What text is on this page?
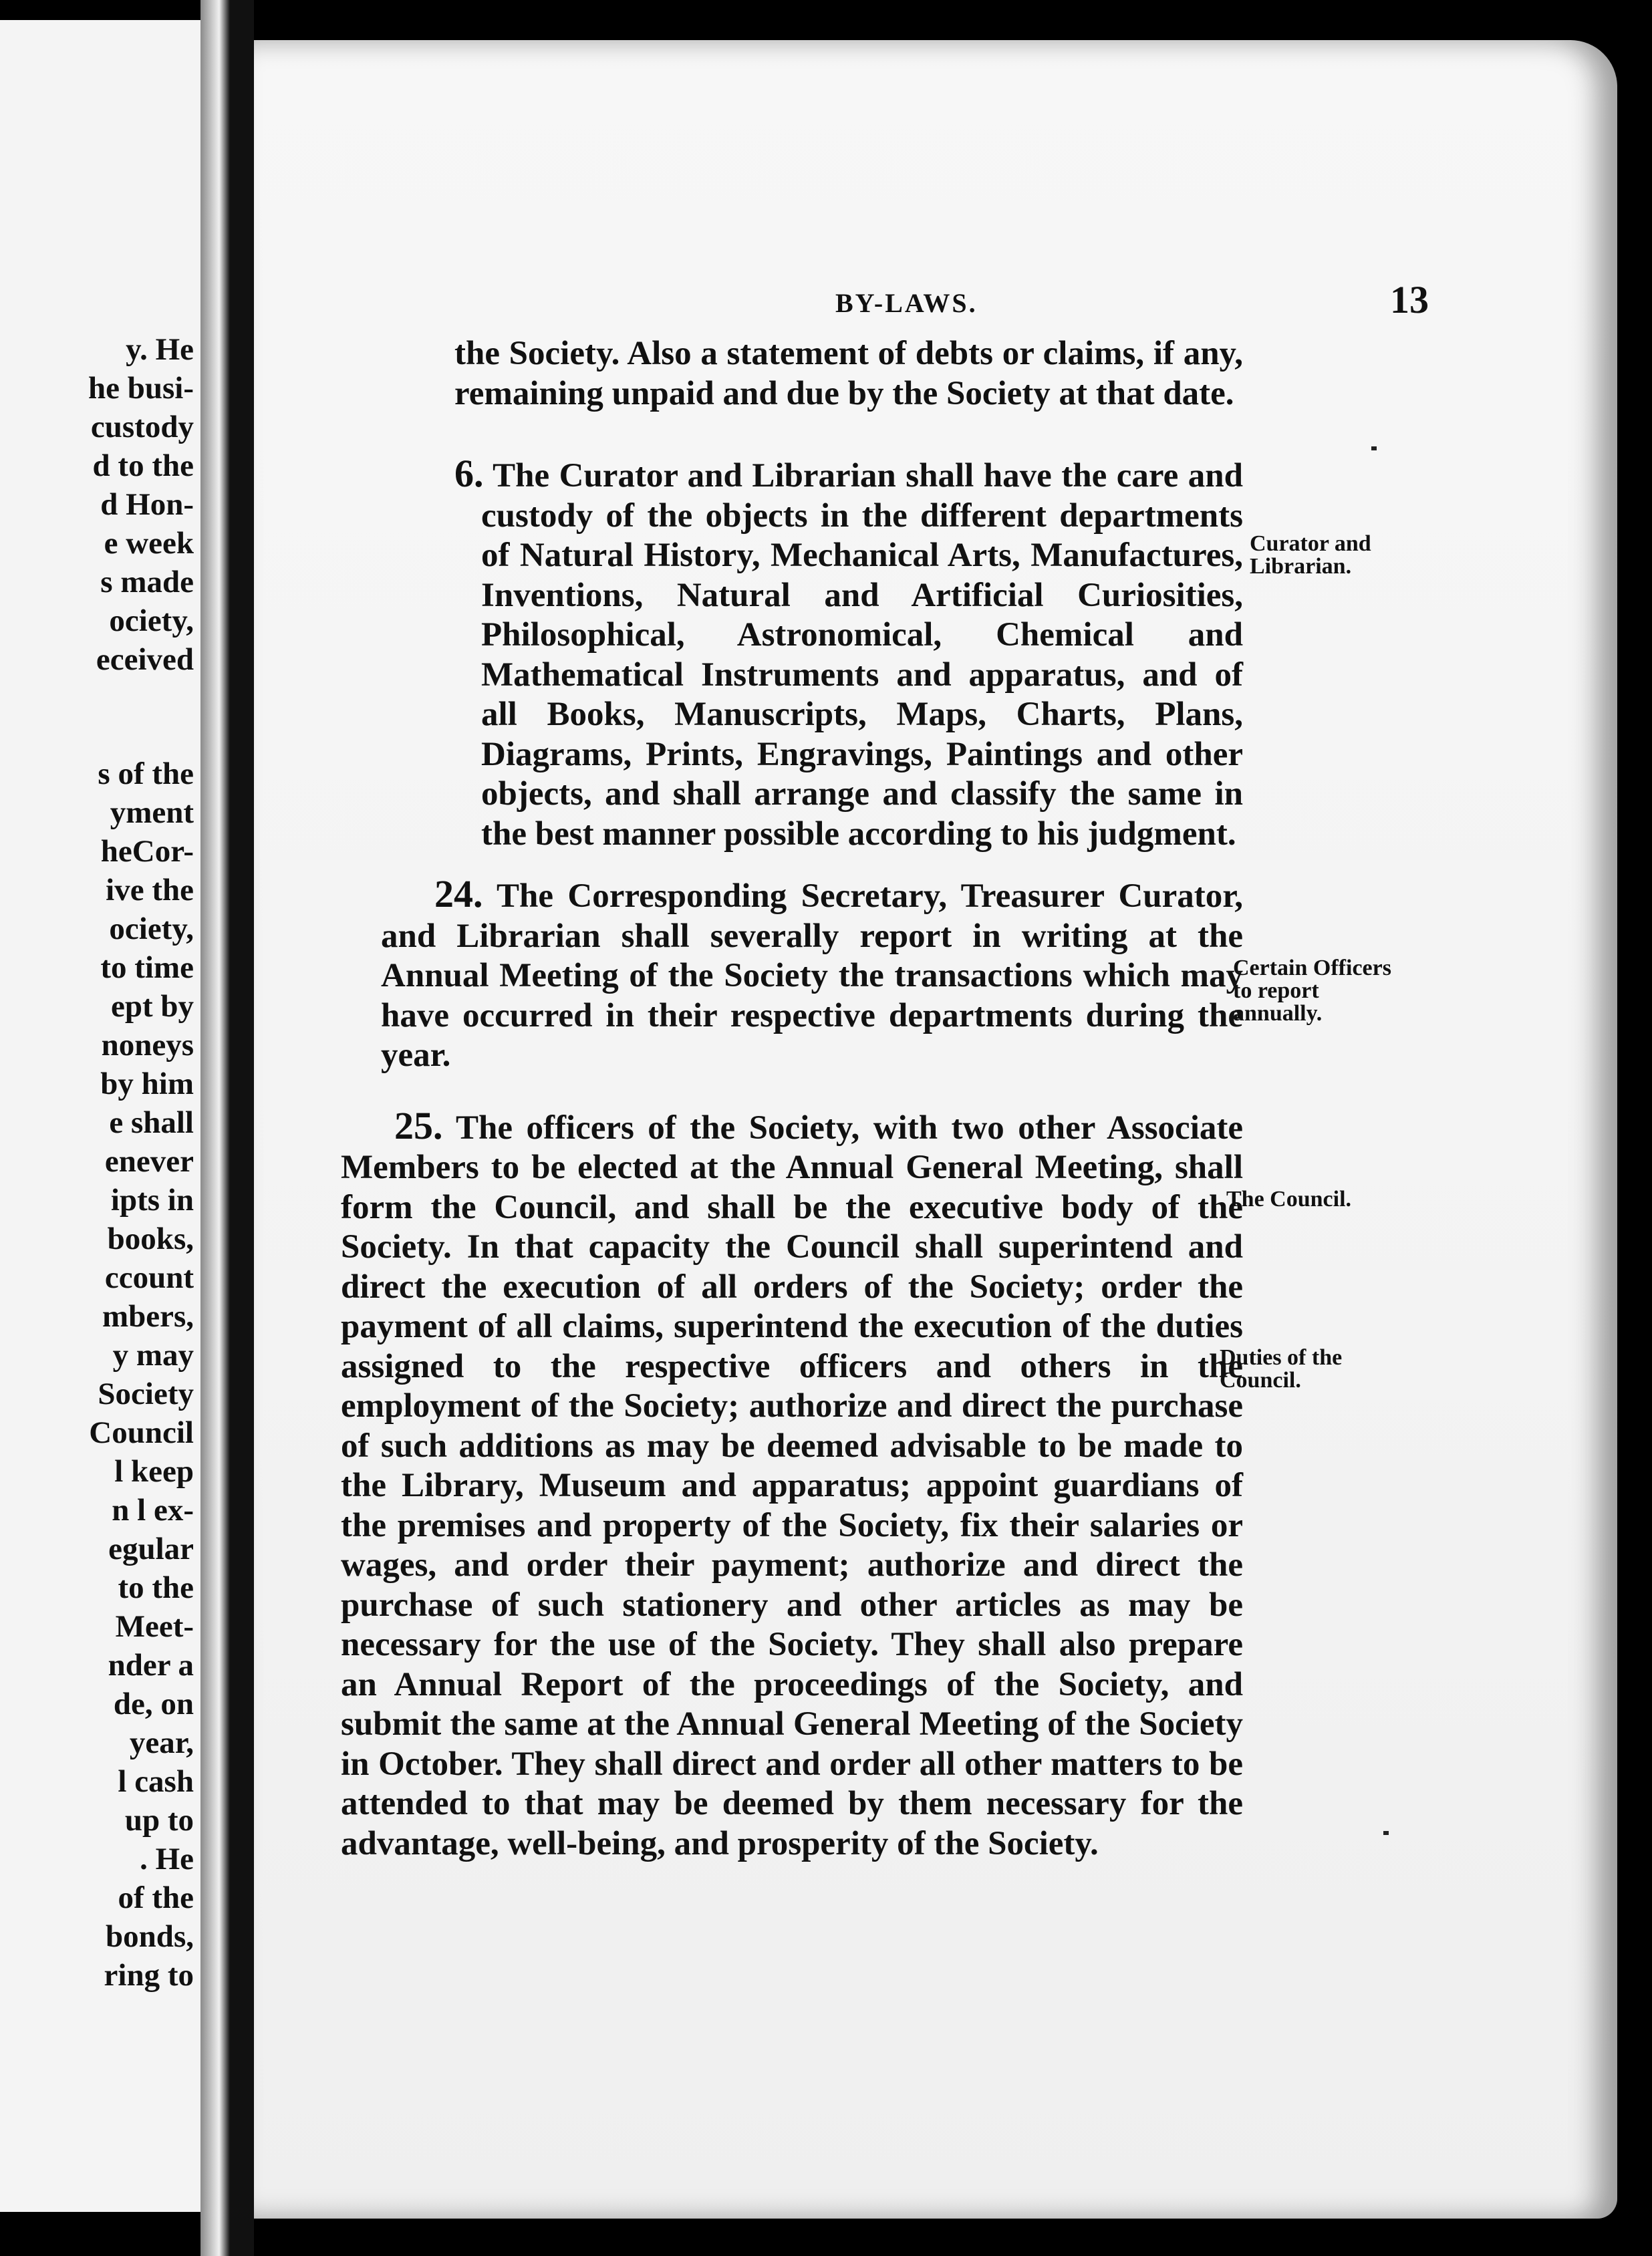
y. He
he busi-
custody
d to the
d Hon-
e week
s made
ociety,
eceived
s of the
yment
heCor-
ive the
ociety,
to time
ept by
noneys
by him
e shall
enever
ipts in
books,
ccount
mbers,
y may
Society
Council
l keep
n l ex-
egular
to the
Meet-
nder a
de, on
year,
l cash
up to
. He
of the
bonds,
ring to
BY-LAWS.	13

the Society. Also a statement of debts or claims, if any, remaining unpaid and due by the Society at that date.

6. The Curator and Librarian shall have the care and custody of the objects in the different departments of Natural History, Mechanical Arts, Manufactures, Inventions, Natural and Artificial Curiosities, Philosophical, Astronomical, Chemical and Mathematical Instruments and apparatus, and of all Books, Manuscripts, Maps, Charts, Plans, Diagrams, Prints, Engravings, Paintings and other objects, and shall arrange and classify the same in the best manner possible according to his judgment.

24. The Corresponding Secretary, Treasurer Curator, and Librarian shall severally report in writing at the Annual Meeting of the Society the transactions which may have occurred in their respective departments during the year.

25. The officers of the Society, with two other Associate Members to be elected at the Annual General Meeting, shall form the Council, and shall be the executive body of the Society. In that capacity the Council shall superintend and direct the execution of all orders of the Society; order the payment of all claims, superintend the execution of the duties assigned to the respective officers and others in the employment of the Society; authorize and direct the purchase of such additions as may be deemed advisable to be made to the Library, Museum and apparatus; appoint guardians of the premises and property of the Society, fix their salaries or wages, and order their payment; authorize and direct the purchase of such stationery and other articles as may be necessary for the use of the Society. They shall also prepare an Annual Report of the proceedings of the Society, and submit the same at the Annual General Meeting of the Society in October. They shall direct and order all other matters to be attended to that may be deemed by them necessary for the advantage, well-being, and prosperity of the Society.

Curator and Librarian.
Certain Officers to report annually.
The Council.
Duties of the Council.
